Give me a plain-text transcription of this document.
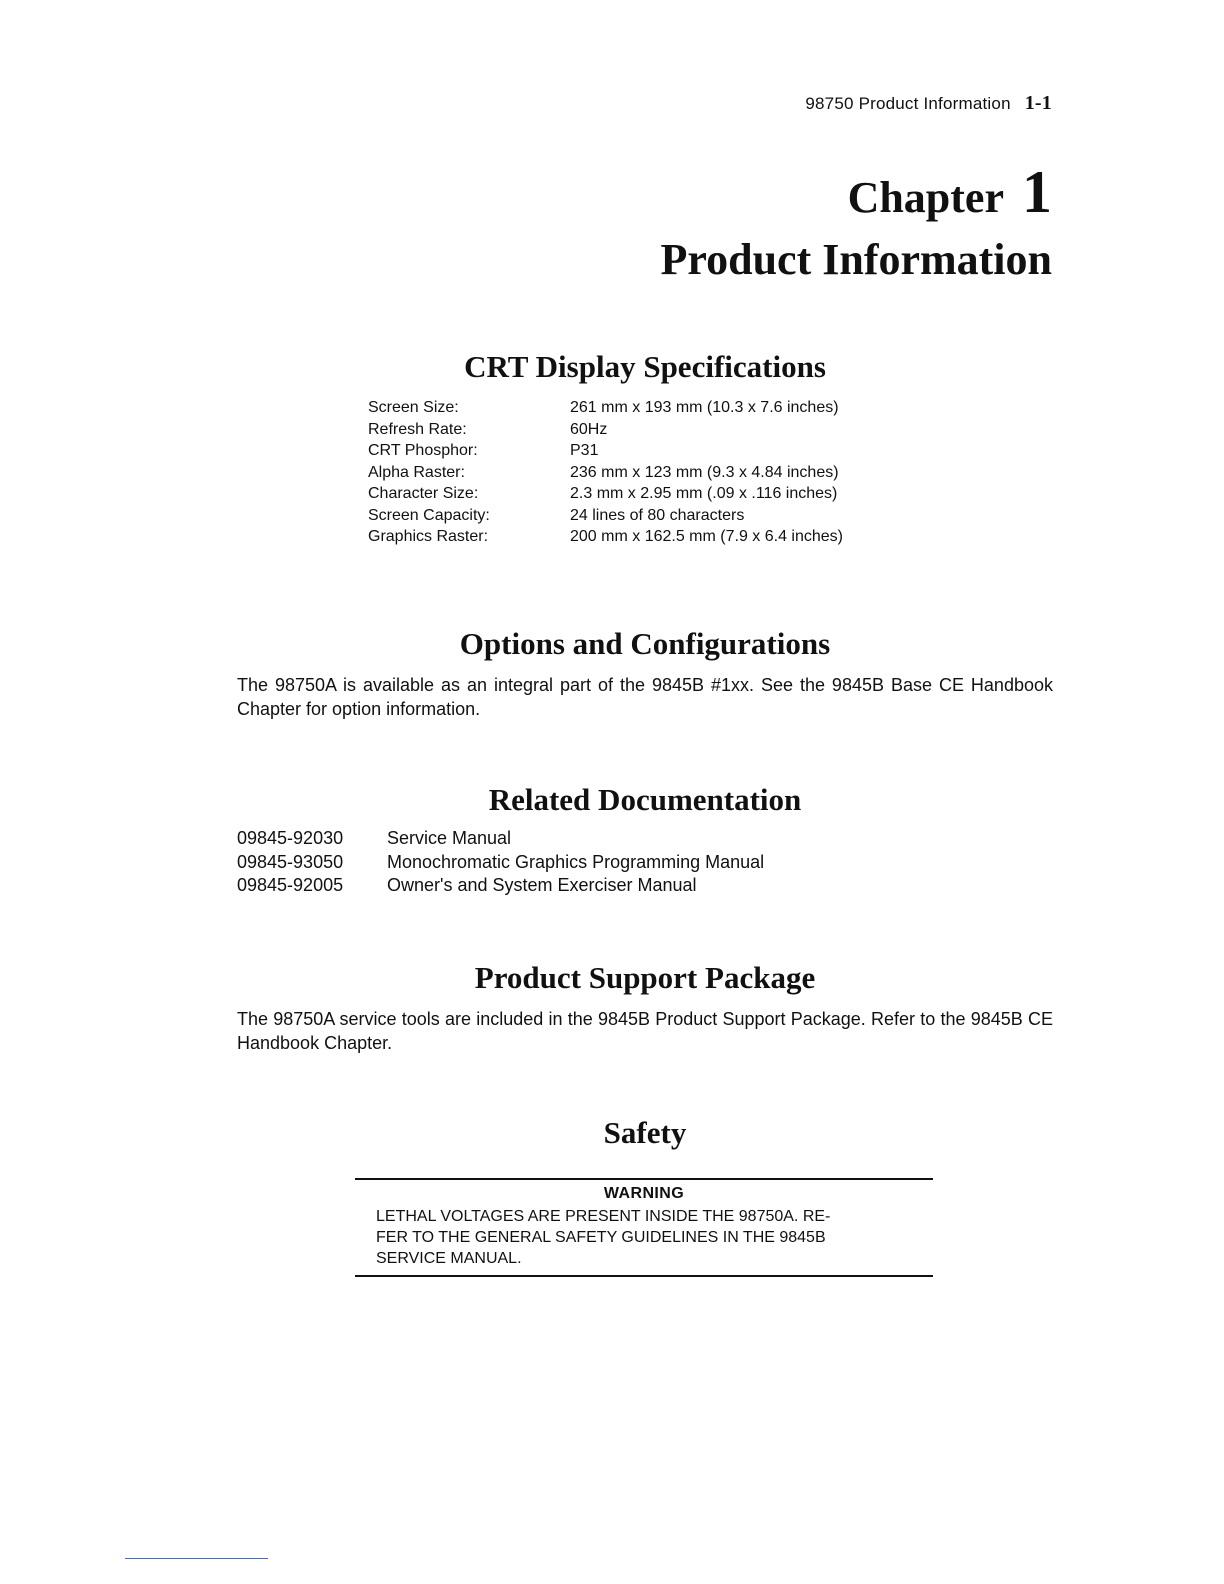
98750 Product Information 1-1
Chapter 1
Product Information
CRT Display Specifications
Screen Size:	261 mm x 193 mm (10.3 x 7.6 inches)
Refresh Rate:	60Hz
CRT Phosphor:	P31
Alpha Raster:	236 mm x 123 mm (9.3 x 4.84 inches)
Character Size:	2.3 mm x 2.95 mm (.09 x .116 inches)
Screen Capacity:	24 lines of 80 characters
Graphics Raster:	200 mm x 162.5 mm (7.9 x 6.4 inches)
Options and Configurations
The 98750A is available as an integral part of the 9845B #1xx. See the 9845B Base CE Handbook Chapter for option information.
Related Documentation
09845-92030	Service Manual
09845-93050	Monochromatic Graphics Programming Manual
09845-92005	Owner's and System Exerciser Manual
Product Support Package
The 98750A service tools are included in the 9845B Product Support Package. Refer to the 9845B CE Handbook Chapter.
Safety
WARNING
LETHAL VOLTAGES ARE PRESENT INSIDE THE 98750A. RE-
FER TO THE GENERAL SAFETY GUIDELINES IN THE 9845B
SERVICE MANUAL.
